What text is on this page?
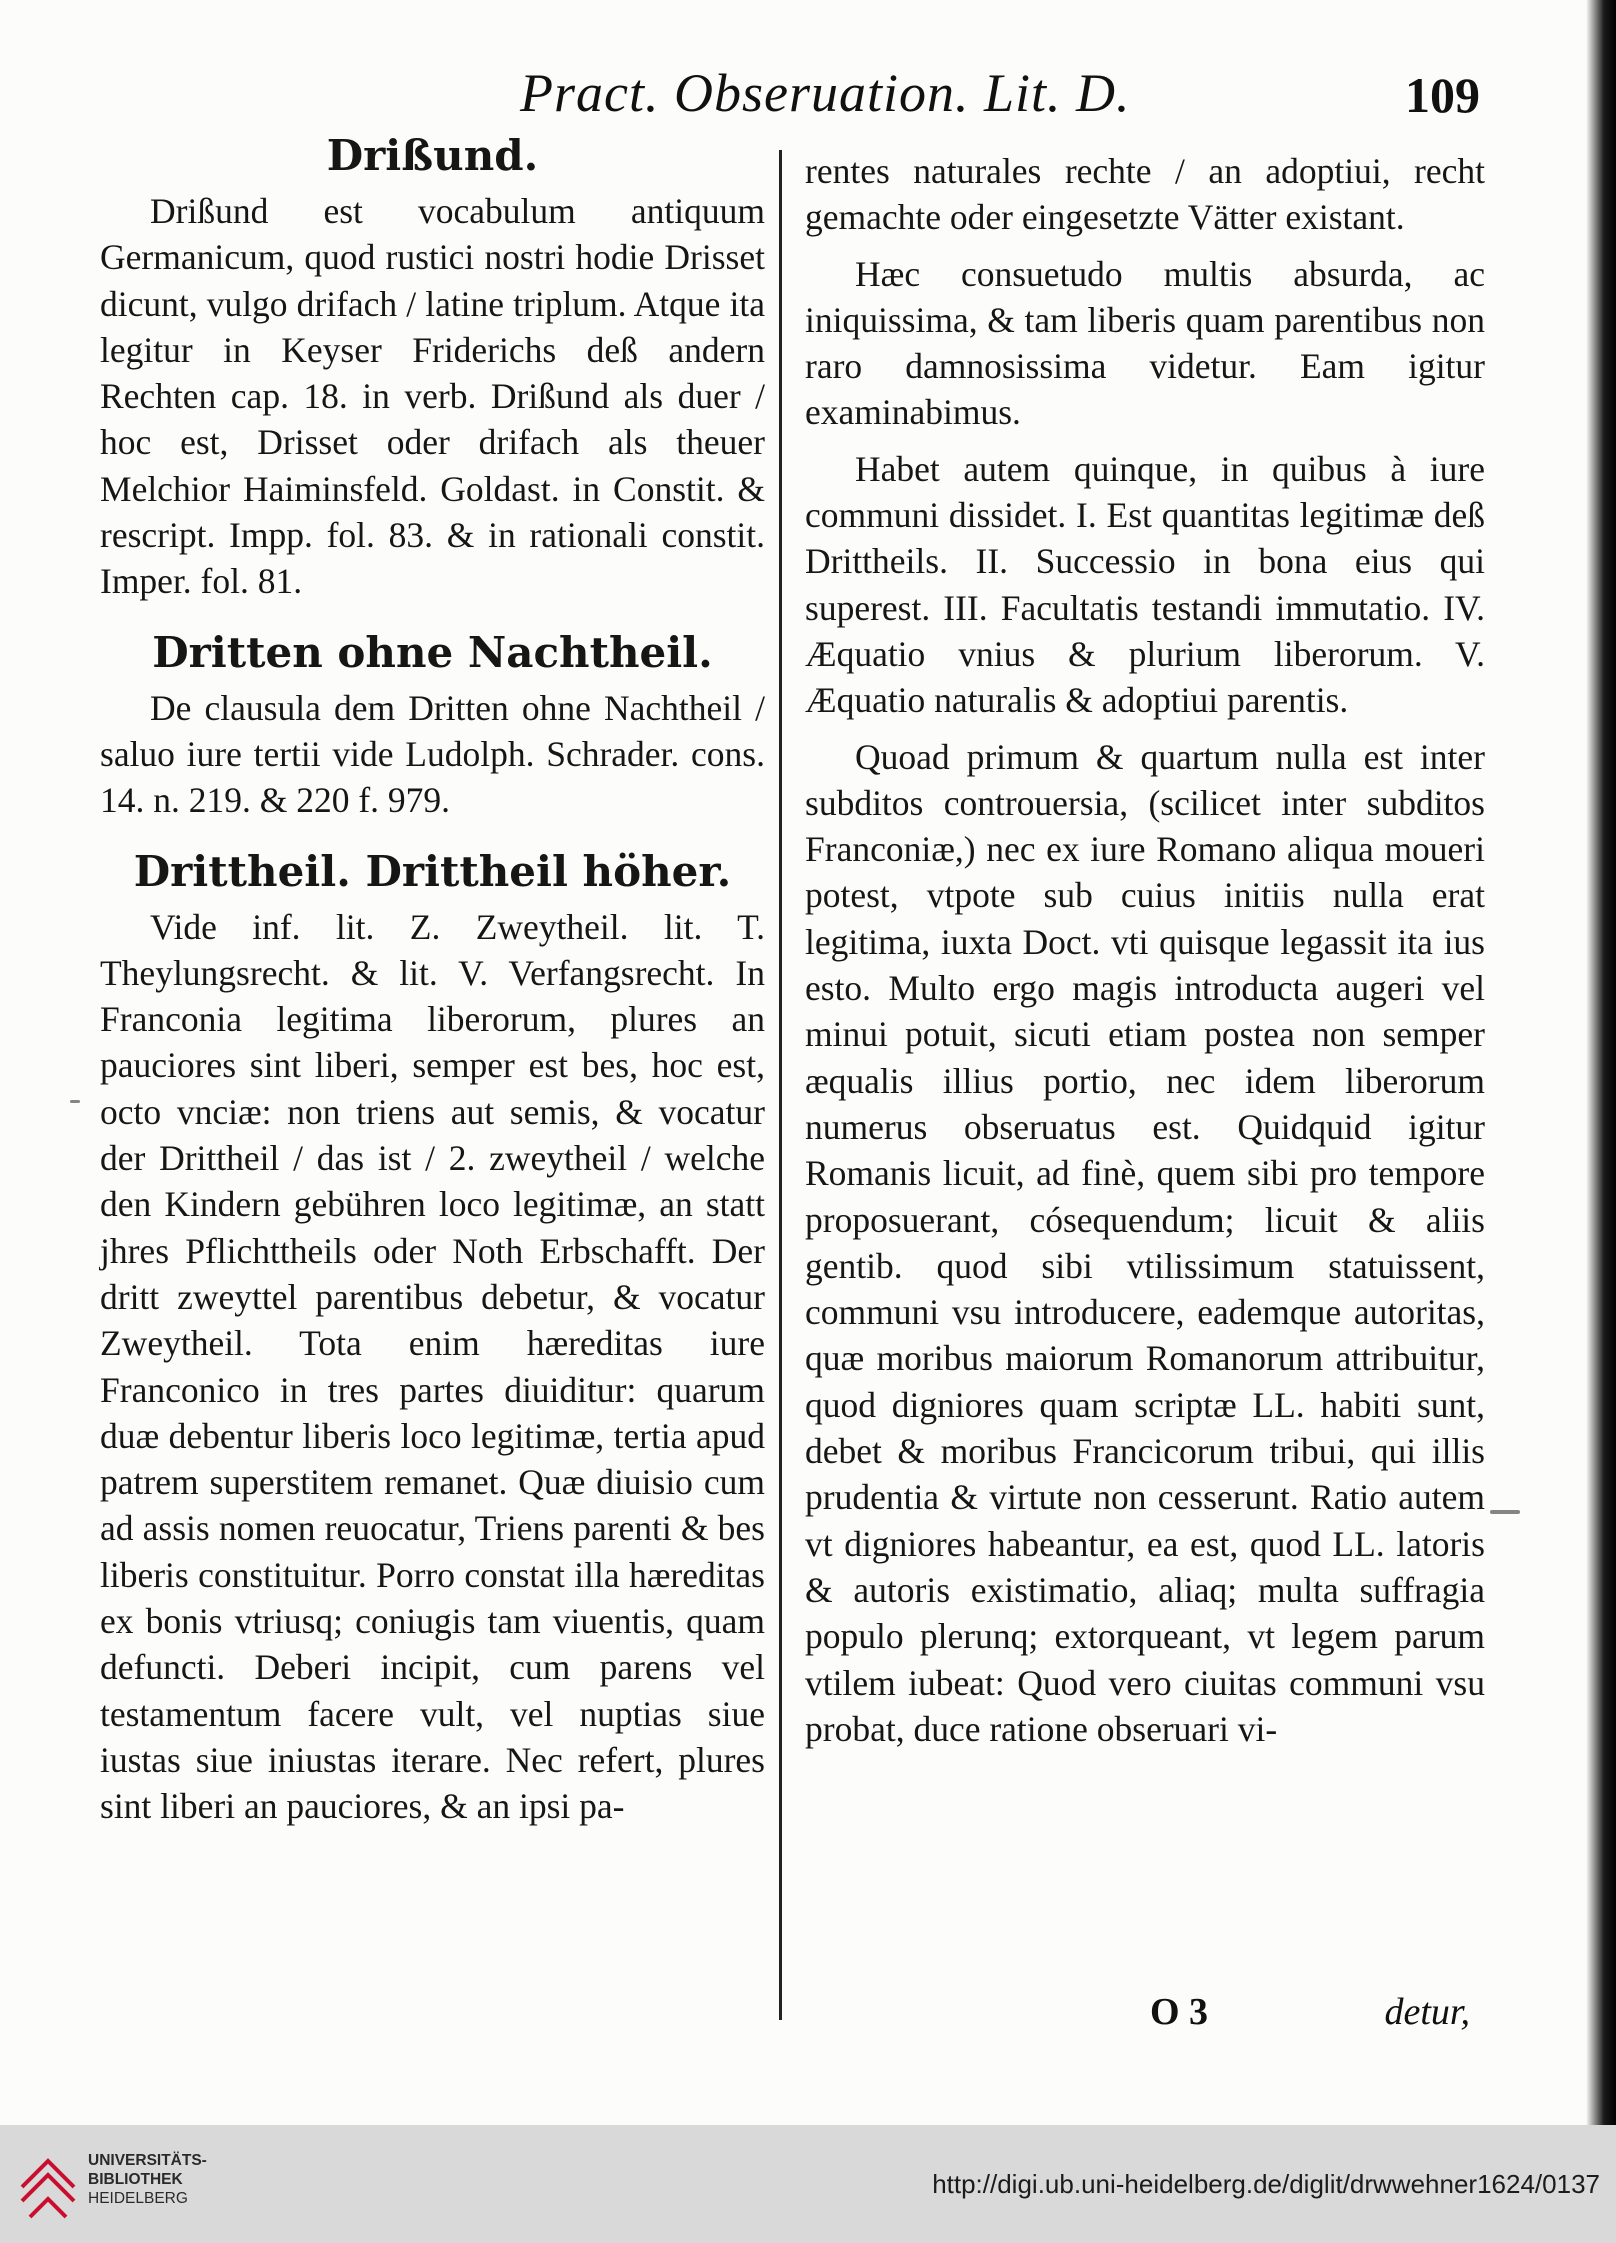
Pract. Obseruation. Lit. D.	109
Drißund.

Drißund est vocabulum antiquum Germanicum, quod rustici nostri hodie Drisset dicunt, vulgo drifach / latine triplum. Atque ita legitur in Keyser Friderichs deß andern Rechten cap. 18. in verb. Drißund als duer / hoc est, Drisset oder drifach als theuer Melchior Haiminsfeld. Goldast. in Constit. & rescript. Impp. fol. 83. & in rationali constit. Imper. fol. 81.

Dritten ohne Nachtheil.

De clausula dem Dritten ohne Nachtheil / saluo iure tertii vide Ludolph. Schrader. cons. 14. n. 219. & 220 f. 979.

Drittheil. Drittheil höher.

Vide inf. lit. Z. Zweytheil. lit. T. Theylungsrecht. & lit. V. Verfangsrecht. In Franconia legitima liberorum, plures an pauciores sint liberi, semper est bes, hoc est, octo vnciæ: non triens aut semis, & vocatur der Drittheil / das ist / 2. zweytheil / welche den Kindern gebühren loco legitimæ, an statt jhres Pflichttheils oder Noth Erbschafft. Der dritt zweyttel parentibus debetur, & vocatur Zweytheil. Tota enim hæreditas iure Franconico in tres partes diuiditur: quarum duæ debentur liberis loco legitimæ, tertia apud patrem superstitem remanet. Quæ diuisio cum ad assis nomen reuocatur, Triens parenti & bes liberis constituitur. Porro constat illa hæreditas ex bonis vtriusq; coniugis tam viuentis, quam defuncti. Deberi incipit, cum parens vel testamentum facere vult, vel nuptias siue iustas siue iniustas iterare. Nec refert, plures sint liberi an pauciores, & an ipsi pa-

rentes naturales rechte / an adoptiui, recht gemachte oder eingesetzte Vätter existant.

Hæc consuetudo multis absurda, ac iniquissima, & tam liberis quam parentibus non raro damnosissima videtur. Eam igitur examinabimus.

Habet autem quinque, in quibus à iure communi dissidet. I. Est quantitas legitimæ deß Drittheils. II. Successio in bona eius qui superest. III. Facultatis testandi immutatio. IV. Æquatio vnius & plurium liberorum. V. Æquatio naturalis & adoptiui parentis.

Quoad primum & quartum nulla est inter subditos controuersia, (scilicet inter subditos Franconiæ,) nec ex iure Romano aliqua moueri potest, vtpote sub cuius initiis nulla erat legitima, iuxta Doct. vti quisque legassit ita ius esto. Multo ergo magis introducta augeri vel minui potuit, sicuti etiam postea non semper æqualis illius portio, nec idem liberorum numerus obseruatus est. Quidquid igitur Romanis licuit, ad finè, quem sibi pro tempore proposuerant, cósequendum; licuit & aliis gentib. quod sibi vtilissimum statuissent, communi vsu introducere, eademque autoritas, quæ moribus maiorum Romanorum attribuitur, quod digniores quam scriptæ LL. habiti sunt, debet & moribus Francicorum tribui, qui illis prudentia & virtute non cesserunt. Ratio autem vt digniores habeantur, ea est, quod LL. latoris & autoris existimatio, aliaq; multa suffragia populo plerunq; extorqueant, vt legem parum vtilem iubeat: Quod vero ciuitas communi vsu probat, duce ratione obseruari vi-

O 3	detur,
UNIVERSITÄTS-
BIBLIOTHEK
HEIDELBERG	http://digi.ub.uni-heidelberg.de/diglit/drwwehner1624/0137
